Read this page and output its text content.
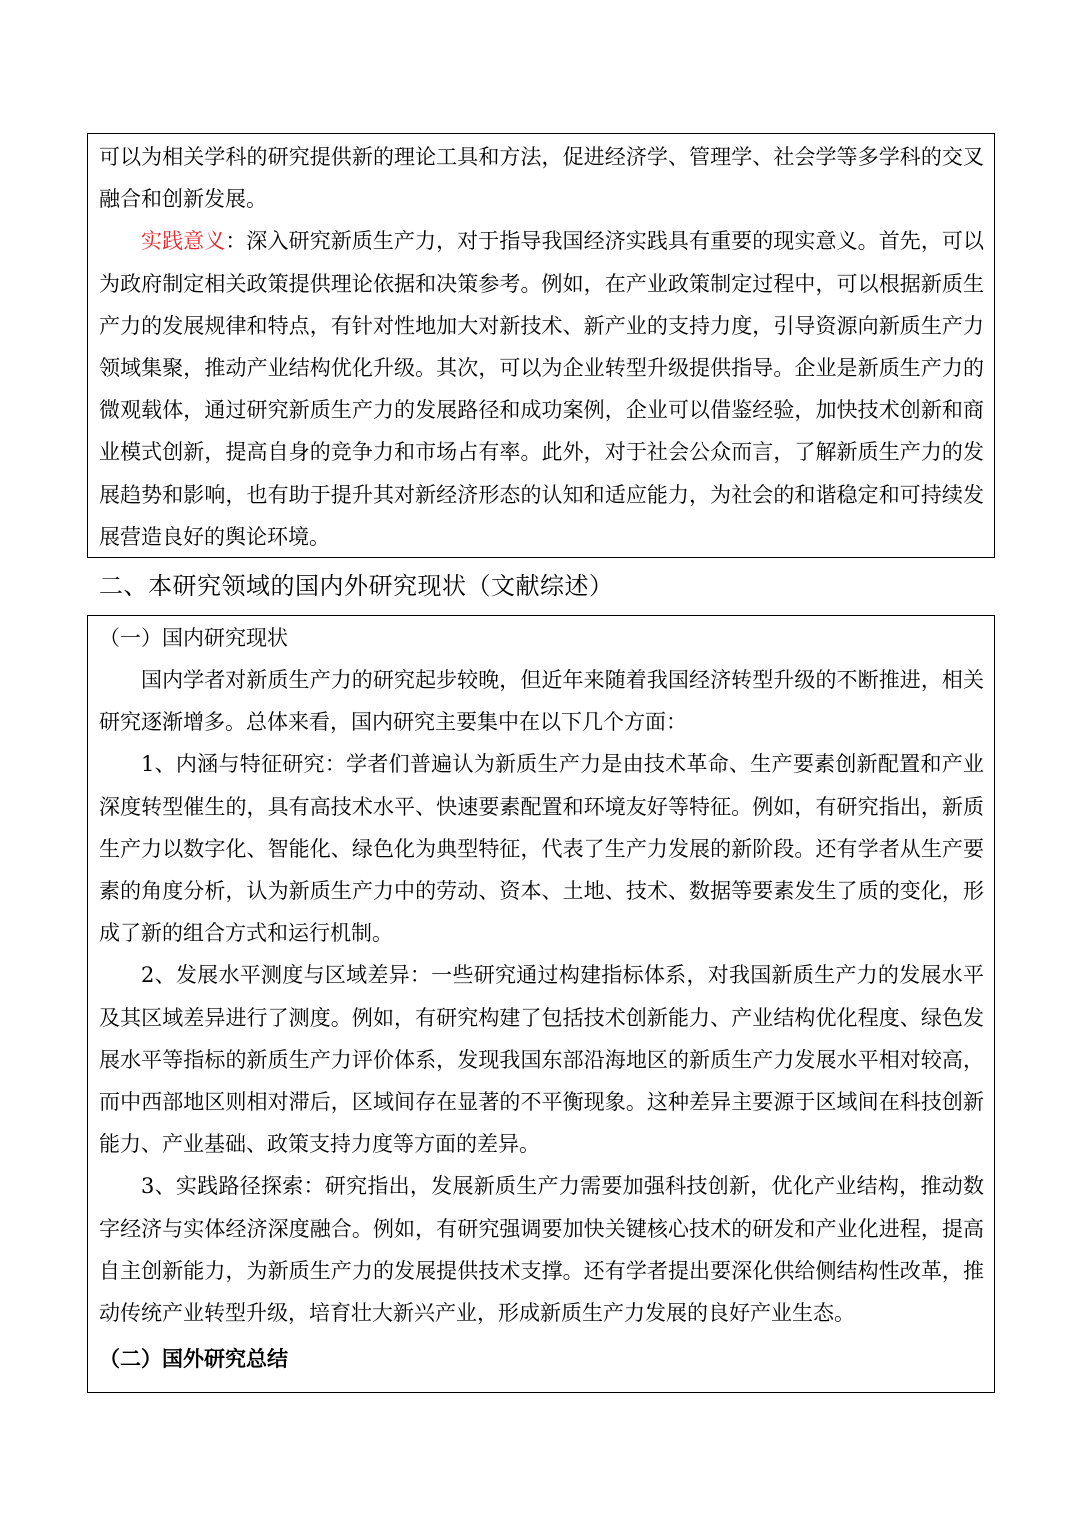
可以为相关学科的研究提供新的理论工具和方法，促进经济学、管理学、社会学等多学科的交叉融合和创新发展。

实践意义：深入研究新质生产力，对于指导我国经济实践具有重要的现实意义。首先，可以为政府制定相关政策提供理论依据和决策参考。例如，在产业政策制定过程中，可以根据新质生产力的发展规律和特点，有针对性地加大对新技术、新产业的支持力度，引导资源向新质生产力领域集聚，推动产业结构优化升级。其次，可以为企业转型升级提供指导。企业是新质生产力的微观载体，通过研究新质生产力的发展路径和成功案例，企业可以借鉴经验，加快技术创新和商业模式创新，提高自身的竞争力和市场占有率。此外，对于社会公众而言，了解新质生产力的发展趋势和影响，也有助于提升其对新经济形态的认知和适应能力，为社会的和谐稳定和可持续发展营造良好的舆论环境。

二、本研究领域的国内外研究现状（文献综述）

（一）国内研究现状

国内学者对新质生产力的研究起步较晚，但近年来随着我国经济转型升级的不断推进，相关研究逐渐增多。总体来看，国内研究主要集中在以下几个方面：

1、内涵与特征研究：学者们普遍认为新质生产力是由技术革命、生产要素创新配置和产业深度转型催生的，具有高技术水平、快速要素配置和环境友好等特征。例如，有研究指出，新质生产力以数字化、智能化、绿色化为典型特征，代表了生产力发展的新阶段。还有学者从生产要素的角度分析，认为新质生产力中的劳动、资本、土地、技术、数据等要素发生了质的变化，形成了新的组合方式和运行机制。

2、发展水平测度与区域差异：一些研究通过构建指标体系，对我国新质生产力的发展水平及其区域差异进行了测度。例如，有研究构建了包括技术创新能力、产业结构优化程度、绿色发展水平等指标的新质生产力评价体系，发现我国东部沿海地区的新质生产力发展水平相对较高，而中西部地区则相对滞后，区域间存在显著的不平衡现象。这种差异主要源于区域间在科技创新能力、产业基础、政策支持力度等方面的差异。

3、实践路径探索：研究指出，发展新质生产力需要加强科技创新，优化产业结构，推动数字经济与实体经济深度融合。例如，有研究强调要加快关键核心技术的研发和产业化进程，提高自主创新能力，为新质生产力的发展提供技术支撑。还有学者提出要深化供给侧结构性改革，推动传统产业转型升级，培育壮大新兴产业，形成新质生产力发展的良好产业生态。

（二）国外研究总结
